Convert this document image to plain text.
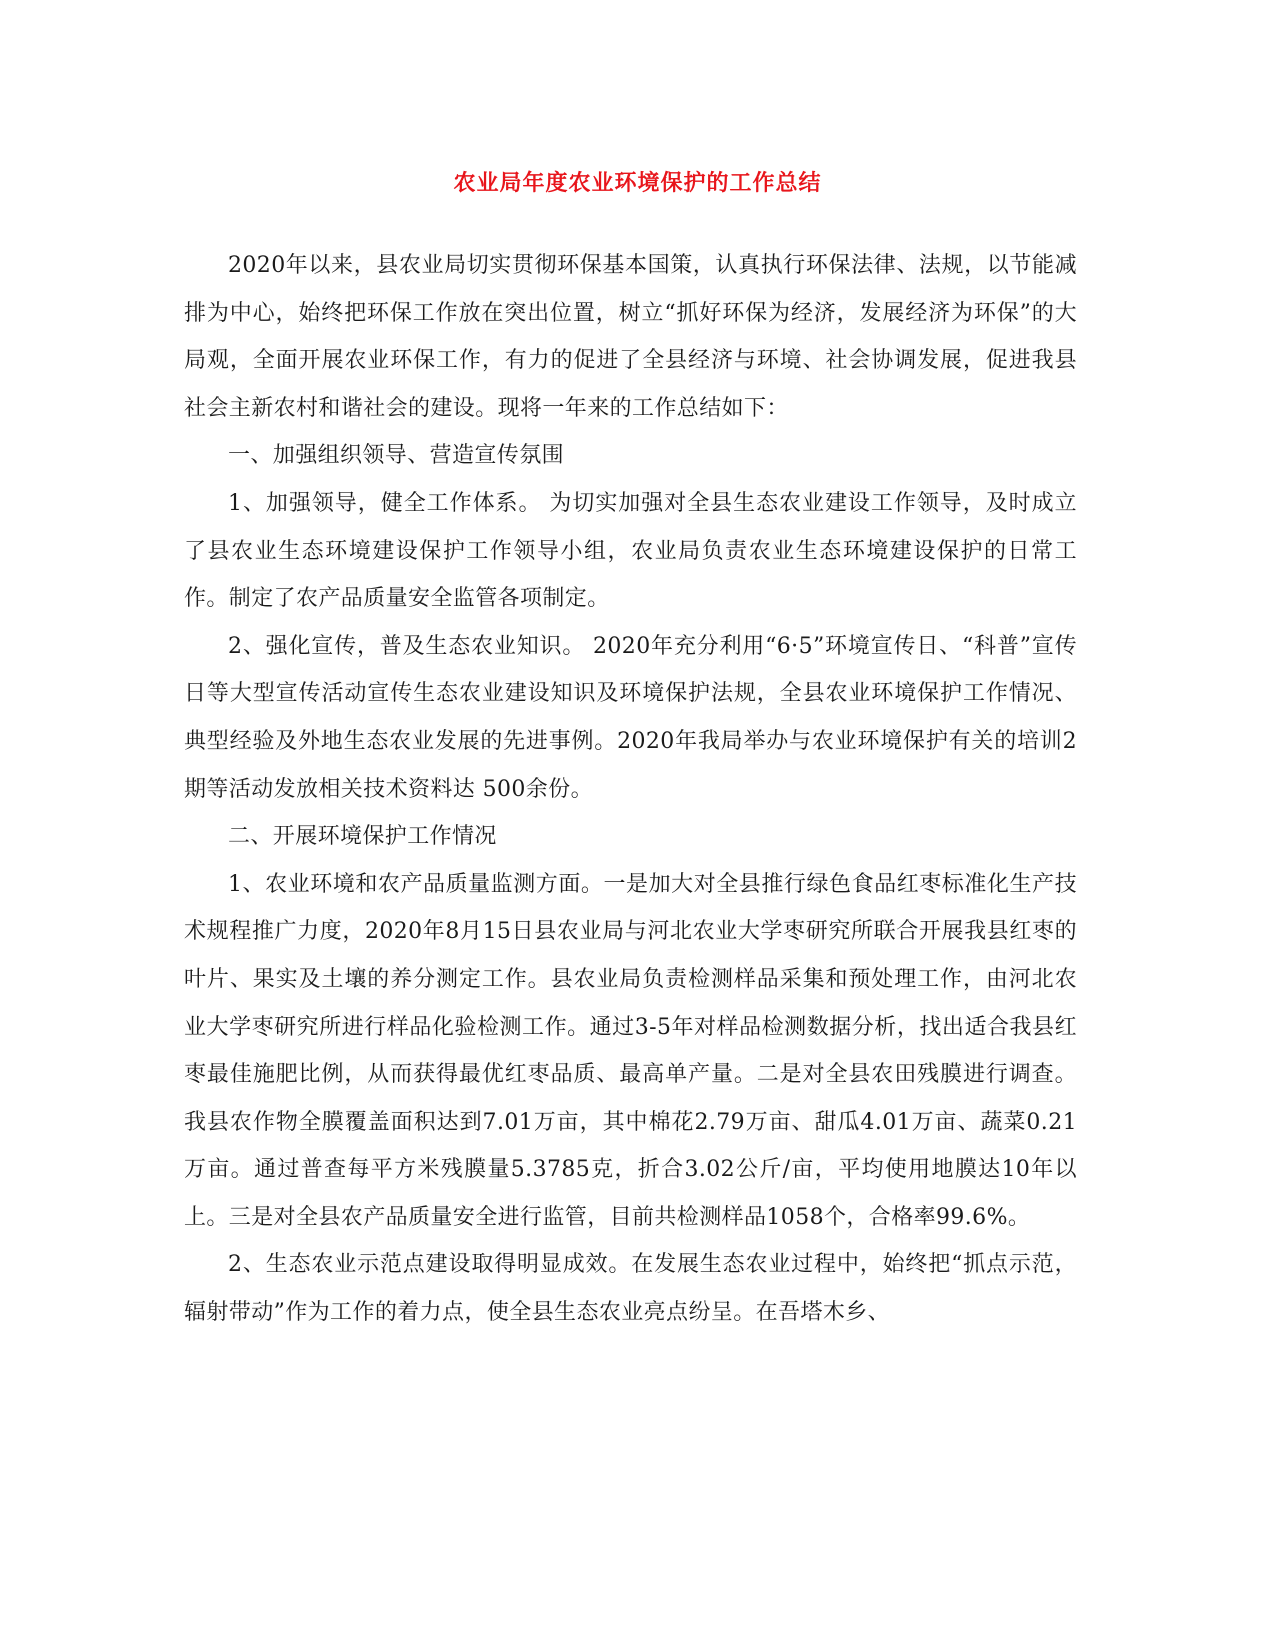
农业局年度农业环境保护的工作总结

2020年以来，县农业局切实贯彻环保基本国策，认真执行环保法律、法规，以节能减排为中心，始终把环保工作放在突出位置，树立“抓好环保为经济，发展经济为环保”的大局观，全面开展农业环保工作，有力的促进了全县经济与环境、社会协调发展，促进我县社会主新农村和谐社会的建设。现将一年来的工作总结如下：

一、加强组织领导、营造宣传氛围

1、加强领导，健全工作体系。 为切实加强对全县生态农业建设工作领导，及时成立了县农业生态环境建设保护工作领导小组，农业局负责农业生态环境建设保护的日常工作。制定了农产品质量安全监管各项制定。

2、强化宣传，普及生态农业知识。 2020年充分利用“6·5”环境宣传日、“科普”宣传日等大型宣传活动宣传生态农业建设知识及环境保护法规，全县农业环境保护工作情况、典型经验及外地生态农业发展的先进事例。2020年我局举办与农业环境保护有关的培训2期等活动发放相关技术资料达 500余份。

二、开展环境保护工作情况

1、农业环境和农产品质量监测方面。一是加大对全县推行绿色食品红枣标准化生产技术规程推广力度，2020年8月15日县农业局与河北农业大学枣研究所联合开展我县红枣的叶片、果实及土壤的养分测定工作。县农业局负责检测样品采集和预处理工作，由河北农业大学枣研究所进行样品化验检测工作。通过3-5年对样品检测数据分析，找出适合我县红枣最佳施肥比例，从而获得最优红枣品质、最高单产量。二是对全县农田残膜进行调查。我县农作物全膜覆盖面积达到7.01万亩，其中棉花2.79万亩、甜瓜4.01万亩、蔬菜0.21万亩。通过普查每平方米残膜量5.3785克，折合3.02公斤/亩，平均使用地膜达10年以上。三是对全县农产品质量安全进行监管，目前共检测样品1058个，合格率99.6%。

2、生态农业示范点建设取得明显成效。在发展生态农业过程中，始终把“抓点示范，辐射带动”作为工作的着力点，使全县生态农业亮点纷呈。在吾塔木乡、
